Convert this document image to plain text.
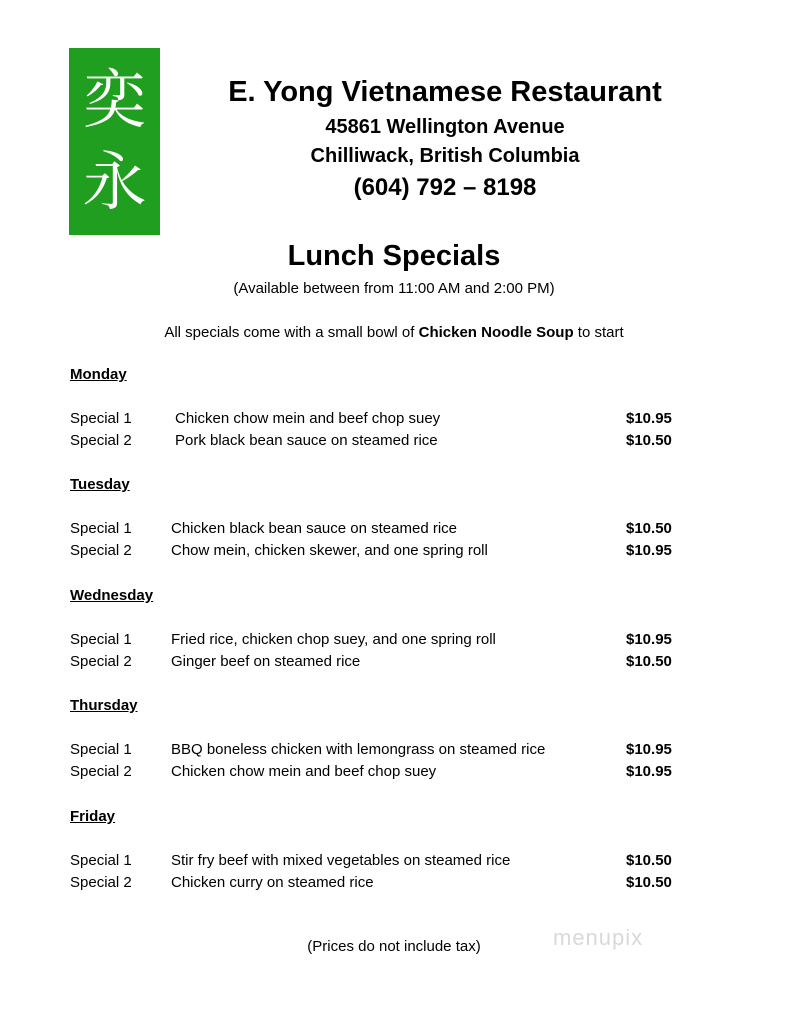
奕
永
E. Yong Vietnamese Restaurant
45861 Wellington Avenue
Chilliwack, British Columbia
(604) 792 – 8198
Lunch Specials
(Available between from 11:00 AM and 2:00 PM)
All specials come with a small bowl of Chicken Noodle Soup to start
Monday
Special 1	Chicken chow mein and beef chop suey	$10.95
Special 2	Pork black bean sauce on steamed rice	$10.50
Tuesday
Special 1	Chicken black bean sauce on steamed rice	$10.50
Special 2	Chow mein, chicken skewer, and one spring roll	$10.95
Wednesday
Special 1	Fried rice, chicken chop suey, and one spring roll	$10.95
Special 2	Ginger beef on steamed rice	$10.50
Thursday
Special 1	BBQ boneless chicken with lemongrass on steamed rice	$10.95
Special 2	Chicken chow mein and beef chop suey	$10.95
Friday
Special 1	Stir fry beef with mixed vegetables on steamed rice	$10.50
Special 2	Chicken curry on steamed rice	$10.50
(Prices do not include tax)	menupix
